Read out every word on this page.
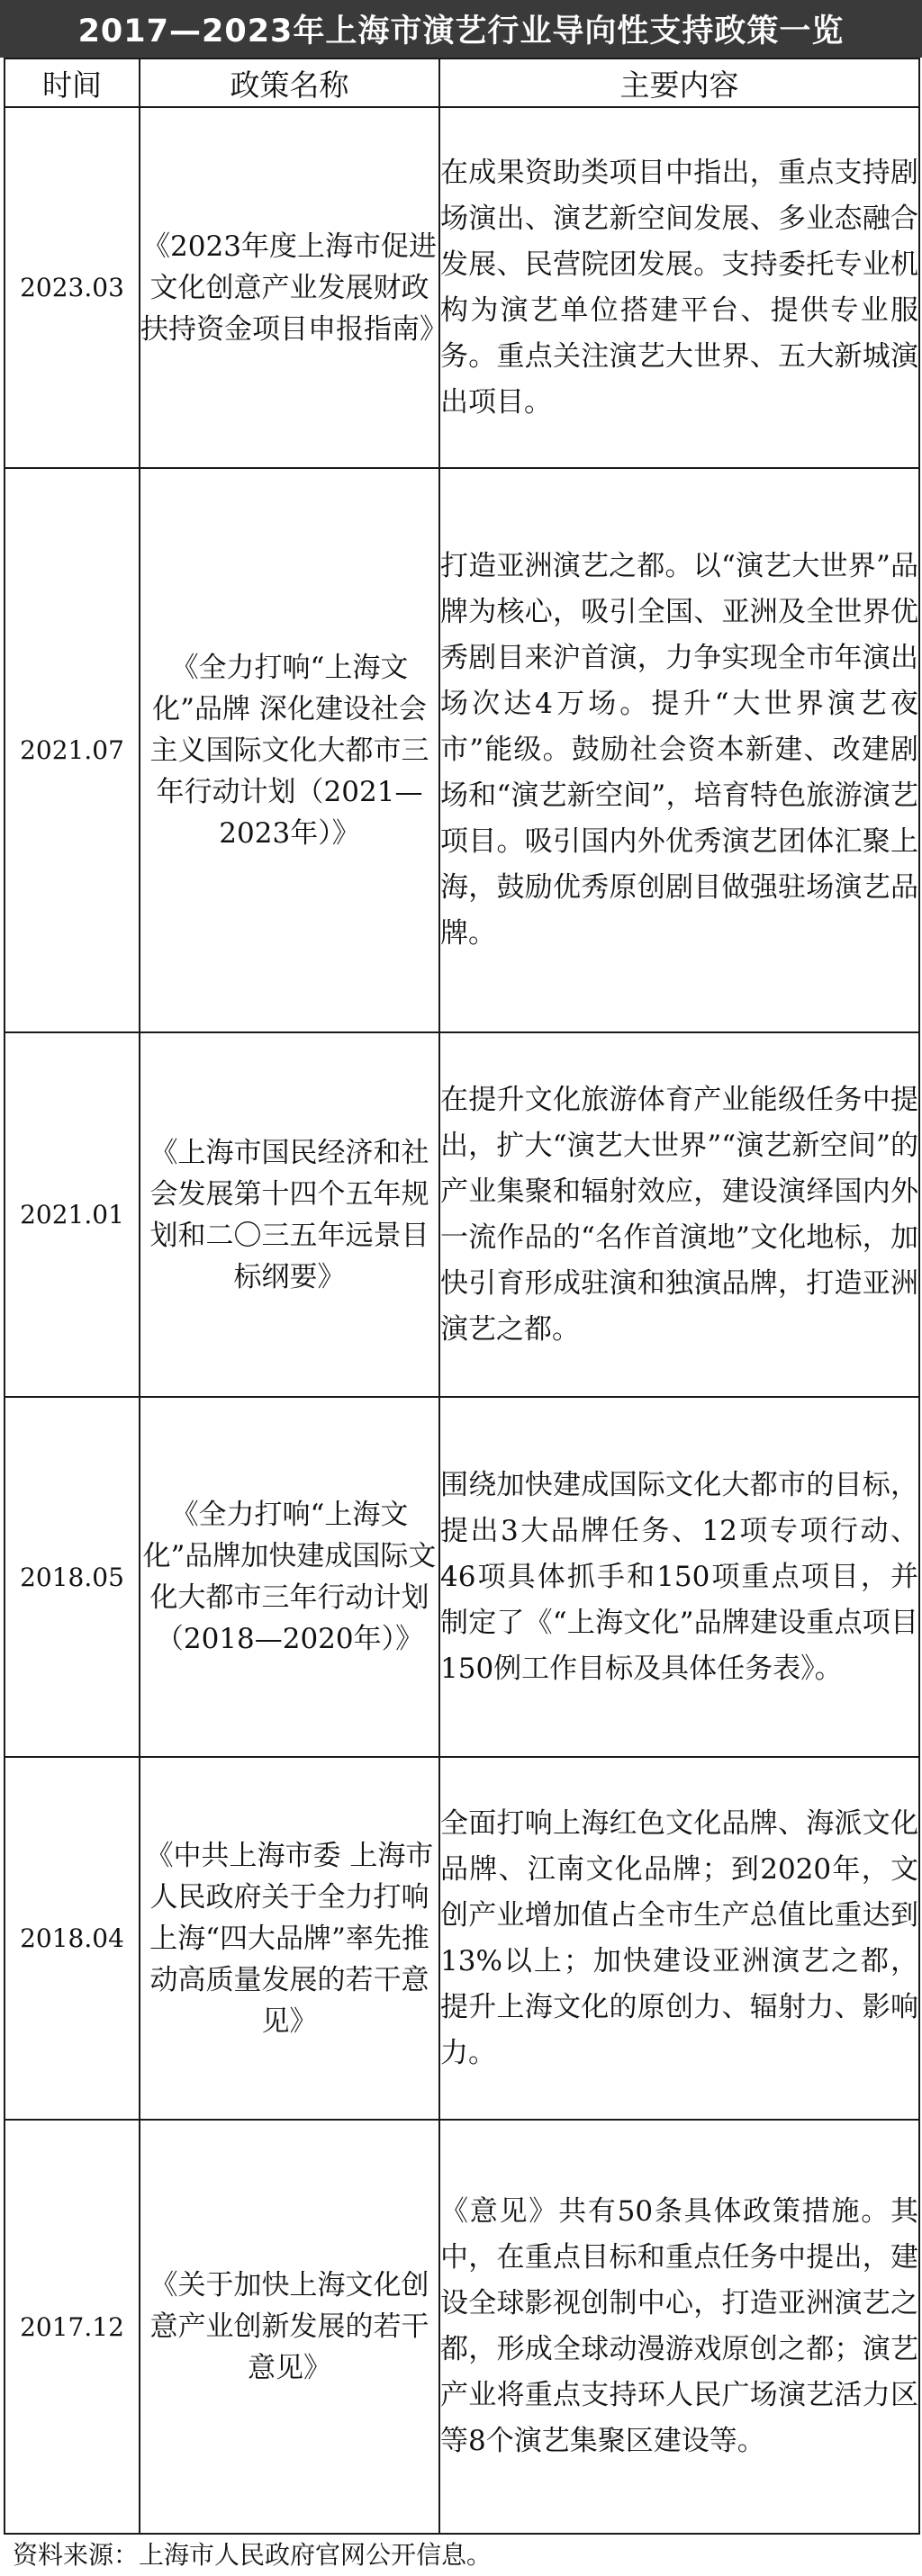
2017—2023年上海市演艺行业导向性支持政策一览
时间	政策名称	主要内容
2023.03	《2023年度上海市促进文化创意产业发展财政扶持资金项目申报指南》	在成果资助类项目中指出，重点支持剧场演出、演艺新空间发展、多业态融合发展、民营院团发展。支持委托专业机构为演艺单位搭建平台、提供专业服务。重点关注演艺大世界、五大新城演出项目。
2021.07	《全力打响“上海文化”品牌 深化建设社会主义国际文化大都市三年行动计划（2021—2023年）》	打造亚洲演艺之都。以“演艺大世界”品牌为核心，吸引全国、亚洲及全世界优秀剧目来沪首演，力争实现全市年演出场次达4万场。提升“大世界演艺夜市”能级。鼓励社会资本新建、改建剧场和“演艺新空间”，培育特色旅游演艺项目。吸引国内外优秀演艺团体汇聚上海，鼓励优秀原创剧目做强驻场演艺品牌。
2021.01	《上海市国民经济和社会发展第十四个五年规划和二〇三五年远景目标纲要》	在提升文化旅游体育产业能级任务中提出，扩大“演艺大世界”“演艺新空间”的产业集聚和辐射效应，建设演绎国内外一流作品的“名作首演地”文化地标，加快引育形成驻演和独演品牌，打造亚洲演艺之都。
2018.05	《全力打响“上海文化”品牌加快建成国际文化大都市三年行动计划（2018—2020年）》	围绕加快建成国际文化大都市的目标，提出3大品牌任务、12项专项行动、46项具体抓手和150项重点项目，并制定了《“上海文化”品牌建设重点项目150例工作目标及具体任务表》。
2018.04	《中共上海市委 上海市人民政府关于全力打响上海“四大品牌”率先推动高质量发展的若干意见》	全面打响上海红色文化品牌、海派文化品牌、江南文化品牌；到2020年，文创产业增加值占全市生产总值比重达到13%以上；加快建设亚洲演艺之都，提升上海文化的原创力、辐射力、影响力。
2017.12	《关于加快上海文化创意产业创新发展的若干意见》	《意见》共有50条具体政策措施。其中，在重点目标和重点任务中提出，建设全球影视创制中心，打造亚洲演艺之都，形成全球动漫游戏原创之都；演艺产业将重点支持环人民广场演艺活力区等8个演艺集聚区建设等。
资料来源：上海市人民政府官网公开信息。
